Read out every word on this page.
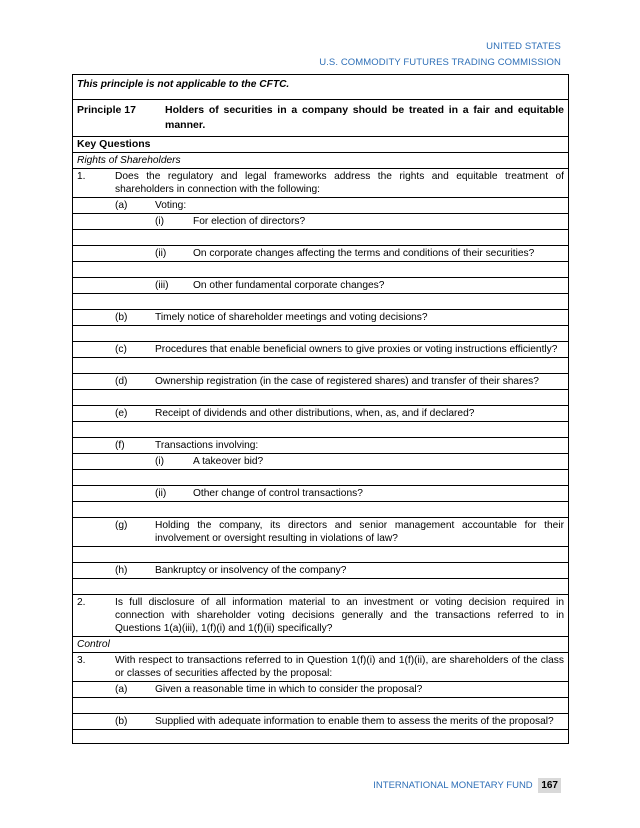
UNITED STATES
U.S. COMMODITY FUTURES TRADING COMMISSION
This principle is not applicable to the CFTC.
Principle 17	Holders of securities in a company should be treated in a fair and equitable manner.
Key Questions
Rights of Shareholders
1.	Does the regulatory and legal frameworks address the rights and equitable treatment of shareholders in connection with the following:
(a)	Voting:
(i)	For election of directors?
(ii)	On corporate changes affecting the terms and conditions of their securities?
(iii)	On other fundamental corporate changes?
(b)	Timely notice of shareholder meetings and voting decisions?
(c)	Procedures that enable beneficial owners to give proxies or voting instructions efficiently?
(d)	Ownership registration (in the case of registered shares) and transfer of their shares?
(e)	Receipt of dividends and other distributions, when, as, and if declared?
(f)	Transactions involving:
(i)	A takeover bid?
(ii)	Other change of control transactions?
(g)	Holding the company, its directors and senior management accountable for their involvement or oversight resulting in violations of law?
(h)	Bankruptcy or insolvency of the company?
2.	Is full disclosure of all information material to an investment or voting decision required in connection with shareholder voting decisions generally and the transactions referred to in Questions 1(a)(iii), 1(f)(i) and 1(f)(ii) specifically?
Control
3.	With respect to transactions referred to in Question 1(f)(i) and 1(f)(ii), are shareholders of the class or classes of securities affected by the proposal:
(a)	Given a reasonable time in which to consider the proposal?
(b)	Supplied with adequate information to enable them to assess the merits of the proposal?
INTERNATIONAL MONETARY FUND 167
